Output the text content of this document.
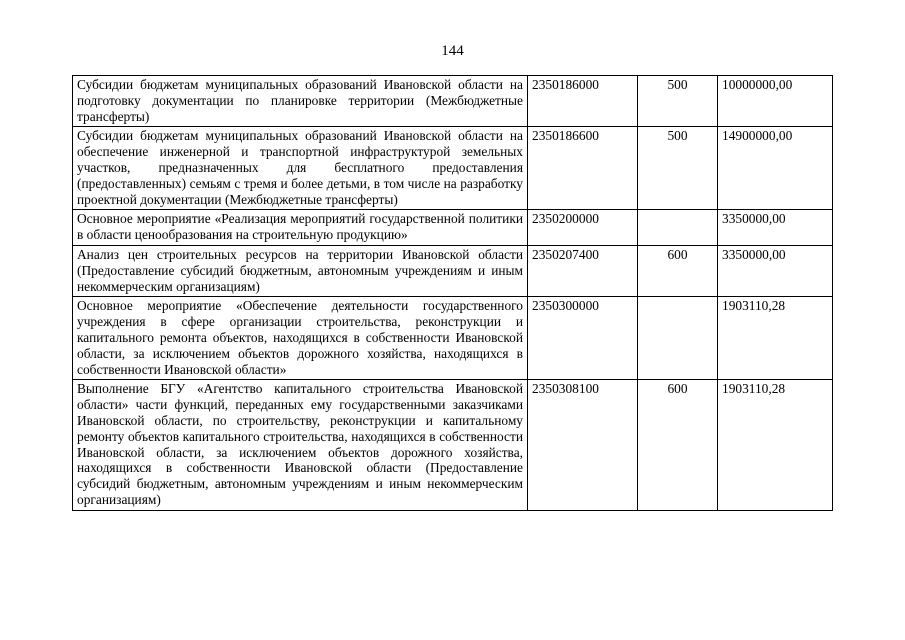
144
Субсидии бюджетам муниципальных образований Ивановской области на подготовку документации по планировке территории (Межбюджетные трансферты)	2350186000	500	10000000,00
Субсидии бюджетам муниципальных образований Ивановской области на обеспечение инженерной и транспортной инфраструктурой земельных участков, предназначенных для бесплатного предоставления (предоставленных) семьям с тремя и более детьми, в том числе на разработку проектной документации (Межбюджетные трансферты)	2350186600	500	14900000,00
Основное мероприятие «Реализация мероприятий государственной политики в области ценообразования на строительную продукцию»	2350200000		3350000,00
Анализ цен строительных ресурсов на территории Ивановской области (Предоставление субсидий бюджетным, автономным учреждениям и иным некоммерческим организациям)	2350207400	600	3350000,00
Основное мероприятие «Обеспечение деятельности государственного учреждения в сфере организации строительства, реконструкции и капитального ремонта объектов, находящихся в собственности Ивановской области, за исключением объектов дорожного хозяйства, находящихся в собственности Ивановской области»	2350300000		1903110,28
Выполнение БГУ «Агентство капитального строительства Ивановской области» части функций, переданных ему государственными заказчиками Ивановской области, по строительству, реконструкции и капитальному ремонту объектов капитального строительства, находящихся в собственности Ивановской области, за исключением объектов дорожного хозяйства, находящихся в собственности Ивановской области (Предоставление субсидий бюджетным, автономным учреждениям и иным некоммерческим организациям)	2350308100	600	1903110,28
